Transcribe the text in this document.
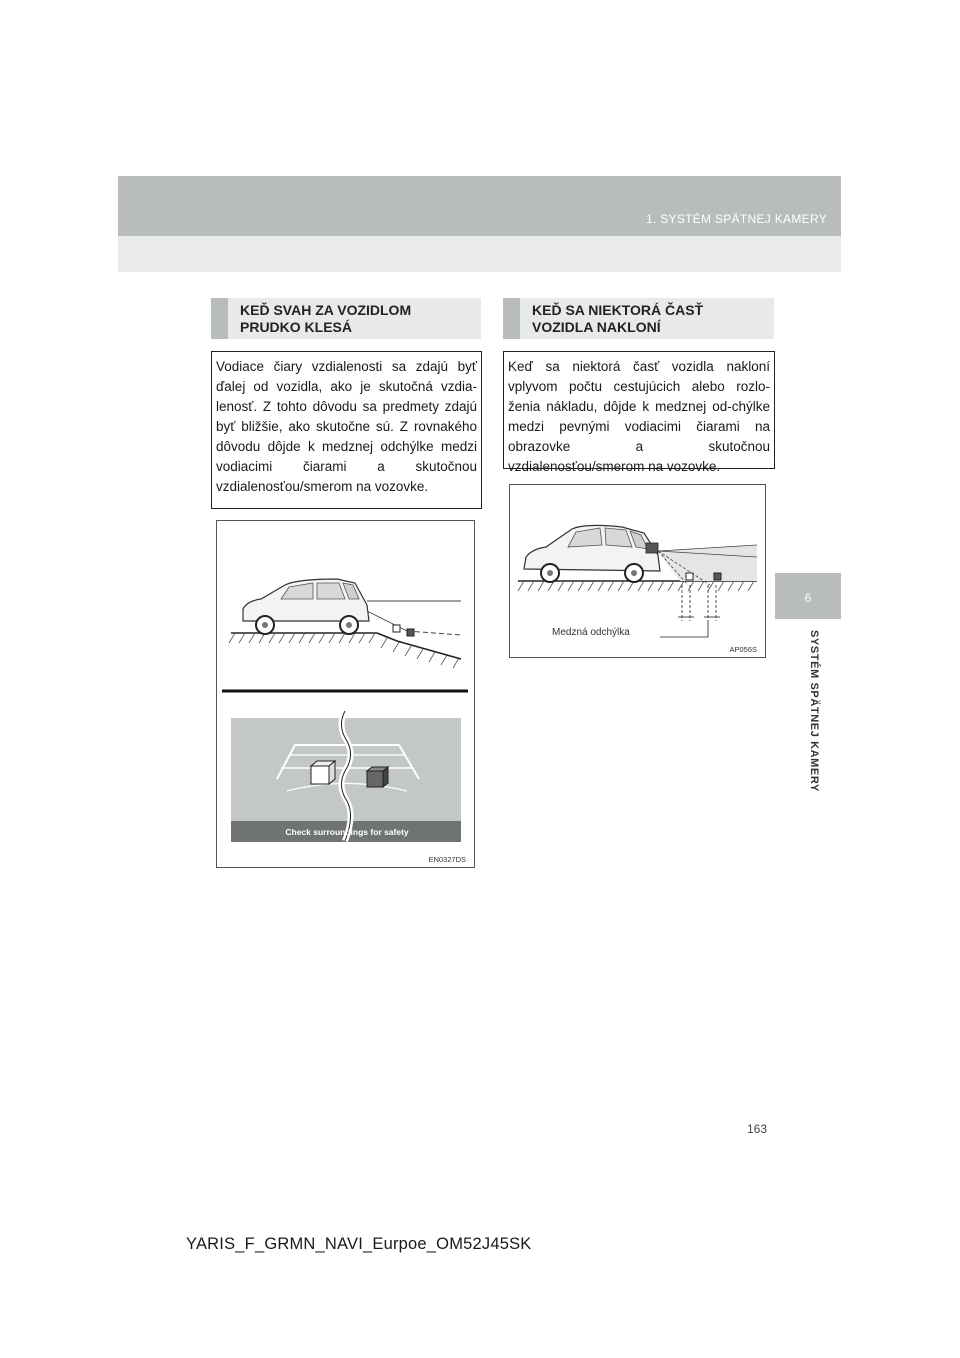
1. SYSTÉM SPÄTNEJ KAMERY
6
SYSTÉM SPÄTNEJ KAMERY
KEĎ SVAH ZA VOZIDLOM PRUDKO KLESÁ
Vodiace čiary vzdialenosti sa zdajú byť ďalej od vozidla, ako je skutočná vzdia-lenosť. Z tohto dôvodu sa predmety zdajú byť bližšie, ako skutočne sú. Z rovnakého dôvodu dôjde k medznej odchýlke medzi vodiacimi čiarami a skutočnou vzdialenosťou/smerom na vozovke.
KEĎ SA NIEKTORÁ ČASŤ VOZIDLA NAKLONÍ
Keď sa niektorá časť vozidla nakloní vplyvom počtu cestujúcich alebo rozlo-ženia nákladu, dôjde k medznej od-chýlke medzi pevnými vodiacimi čiarami na obrazovke a skutočnou vzdialenosťou/smerom na vozovke.
Check surroundings for safety
EN0327DS
Medzná odchýlka
AP056S
163
YARIS_F_GRMN_NAVI_Eurpoe_OM52J45SK
